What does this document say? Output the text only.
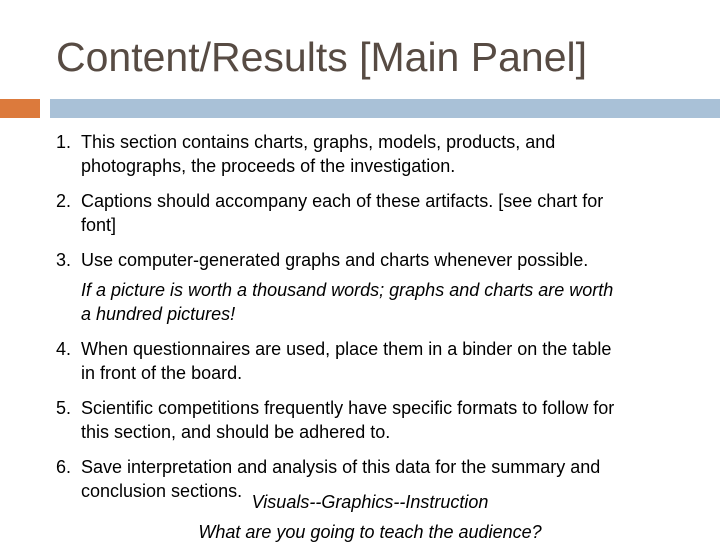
Content/Results [Main Panel]
1. This section contains charts, graphs, models, products, and
photographs, the proceeds of the investigation.
2. Captions should accompany each of these artifacts. [see chart for
font]
3. Use computer-generated graphs and charts whenever possible.
If a picture is worth a thousand words; graphs and charts are worth
a hundred pictures!
4. When questionnaires are used, place them in a binder on the table
in front of the board.
5. Scientific competitions frequently have specific formats to follow for
this section, and should be adhered to.
6. Save interpretation and analysis of this data for the summary and
conclusion sections.
Visuals--Graphics--Instruction
What are you going to teach the audience?
